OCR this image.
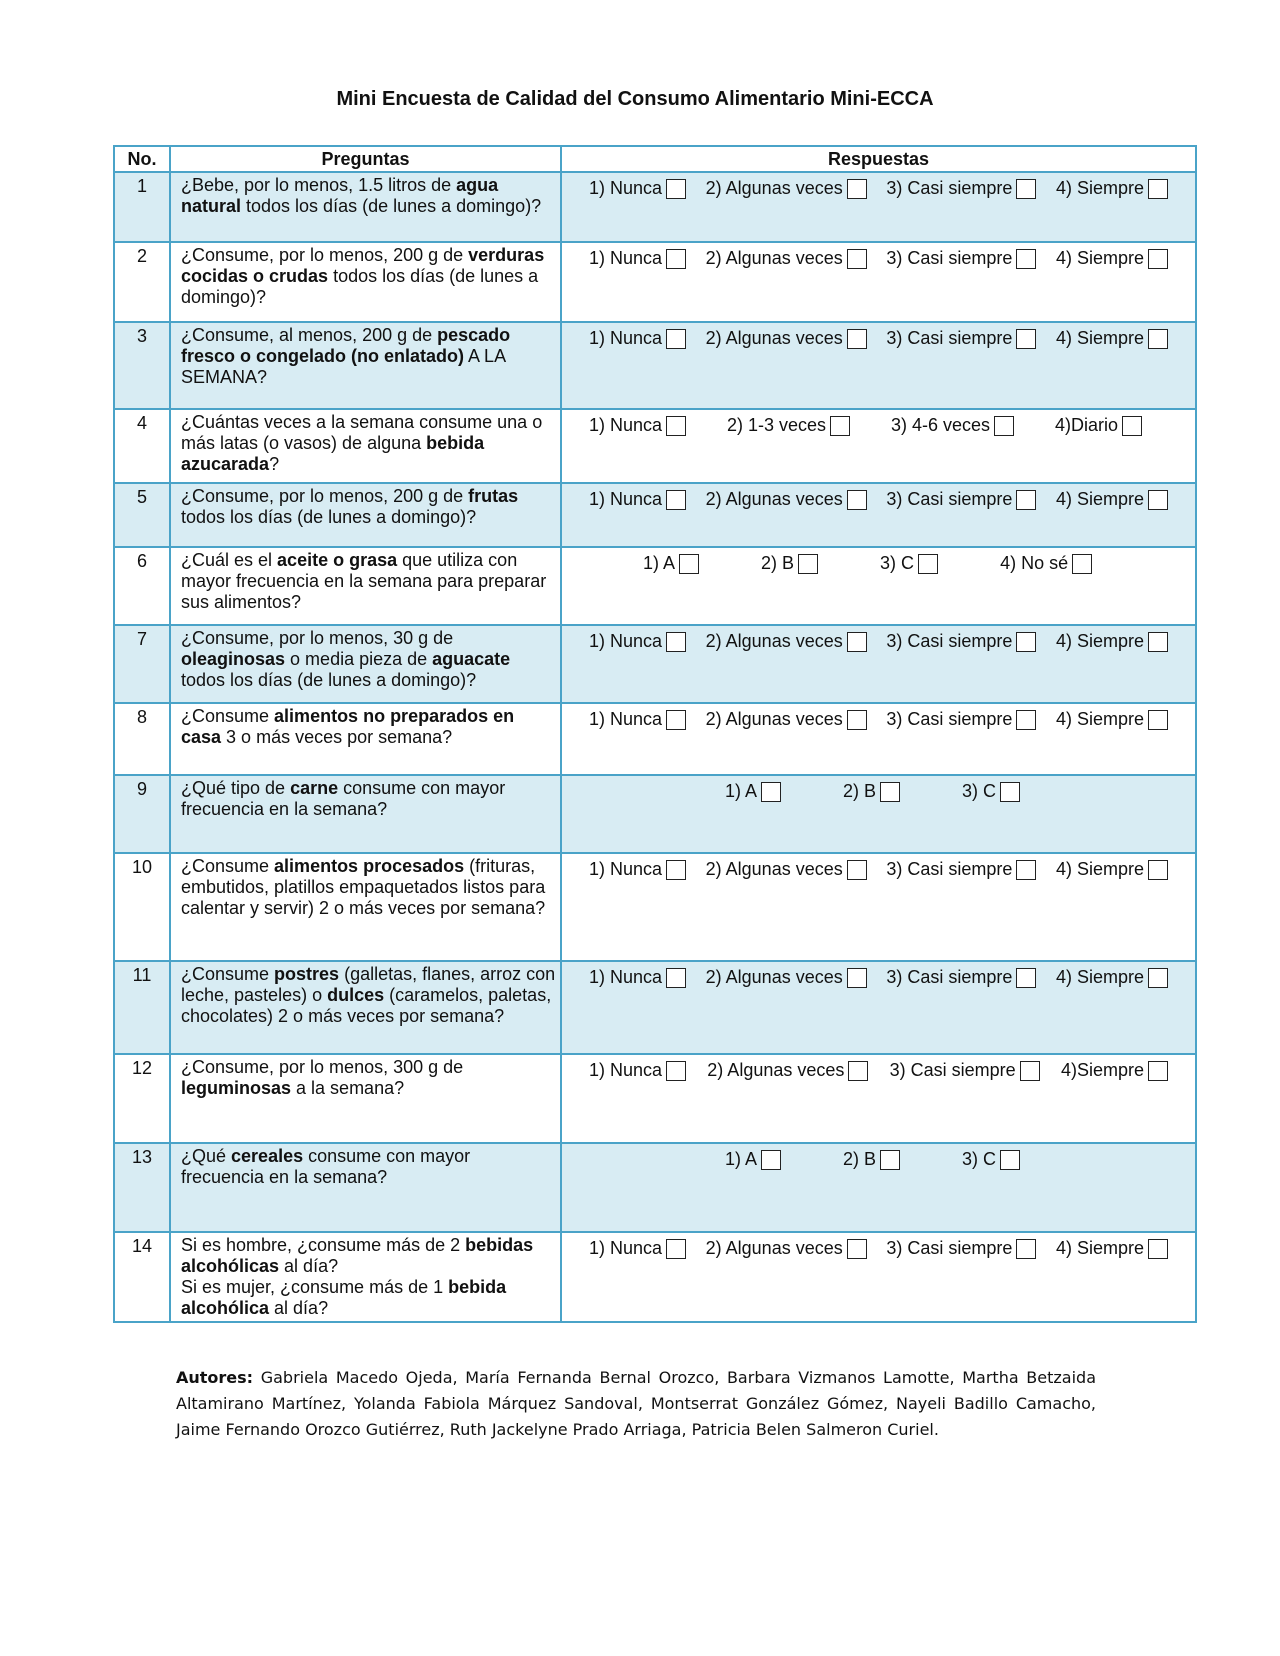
Mini Encuesta de Calidad del Consumo Alimentario Mini-ECCA
No.	Preguntas	Respuestas
1	¿Bebe, por lo menos, 1.5 litros de agua natural todos los días (de lunes a domingo)?	1) Nunca 2) Algunas veces 3) Casi siempre 4) Siempre

2	¿Consume, por lo menos, 200 g de verduras cocidas o crudas todos los días (de lunes a domingo)?	1) Nunca 2) Algunas veces 3) Casi siempre 4) Siempre

3	¿Consume, al menos, 200 g de pescado fresco o congelado (no enlatado) A LA SEMANA?	1) Nunca 2) Algunas veces 3) Casi siempre 4) Siempre

4	¿Cuántas veces a la semana consume una o más latas (o vasos) de alguna bebida azucarada?	1) Nunca 2) 1-3 veces 3) 4-6 veces 4)Diario

5	¿Consume, por lo menos, 200 g de frutas todos los días (de lunes a domingo)?	1) Nunca 2) Algunas veces 3) Casi siempre 4) Siempre

6	¿Cuál es el aceite o grasa que utiliza con mayor frecuencia en la semana para preparar sus alimentos?	1) A 2) B 3) C 4) No sé

7	¿Consume, por lo menos, 30 g de oleaginosas o media pieza de aguacate todos los días (de lunes a domingo)?	1) Nunca 2) Algunas veces 3) Casi siempre 4) Siempre

8	¿Consume alimentos no preparados en casa 3 o más veces por semana?	1) Nunca 2) Algunas veces 3) Casi siempre 4) Siempre

9	¿Qué tipo de carne consume con mayor frecuencia en la semana?	1) A 2) B 3) C

10	¿Consume alimentos procesados (frituras, embutidos, platillos empaquetados listos para calentar y servir) 2 o más veces por semana?	1) Nunca 2) Algunas veces 3) Casi siempre 4) Siempre

11	¿Consume postres (galletas, flanes, arroz con leche, pasteles) o dulces (caramelos, paletas, chocolates) 2 o más veces por semana?	1) Nunca 2) Algunas veces 3) Casi siempre 4) Siempre

12	¿Consume, por lo menos, 300 g de leguminosas a la semana?	1) Nunca 2) Algunas veces 3) Casi siempre 4)Siempre

13	¿Qué cereales consume con mayor frecuencia en la semana?	1) A 2) B 3) C

14	Si es hombre, ¿consume más de 2 bebidas alcohólicas al día?
Si es mujer, ¿consume más de 1 bebida alcohólica al día?	1) Nunca 2) Algunas veces 3) Casi siempre 4) Siempre
Autores: Gabriela Macedo Ojeda, María Fernanda Bernal Orozco, Barbara Vizmanos Lamotte, Martha Betzaida Altamirano Martínez, Yolanda Fabiola Márquez Sandoval, Montserrat González Gómez, Nayeli Badillo Camacho, Jaime Fernando Orozco Gutiérrez, Ruth Jackelyne Prado Arriaga, Patricia Belen Salmeron Curiel.
